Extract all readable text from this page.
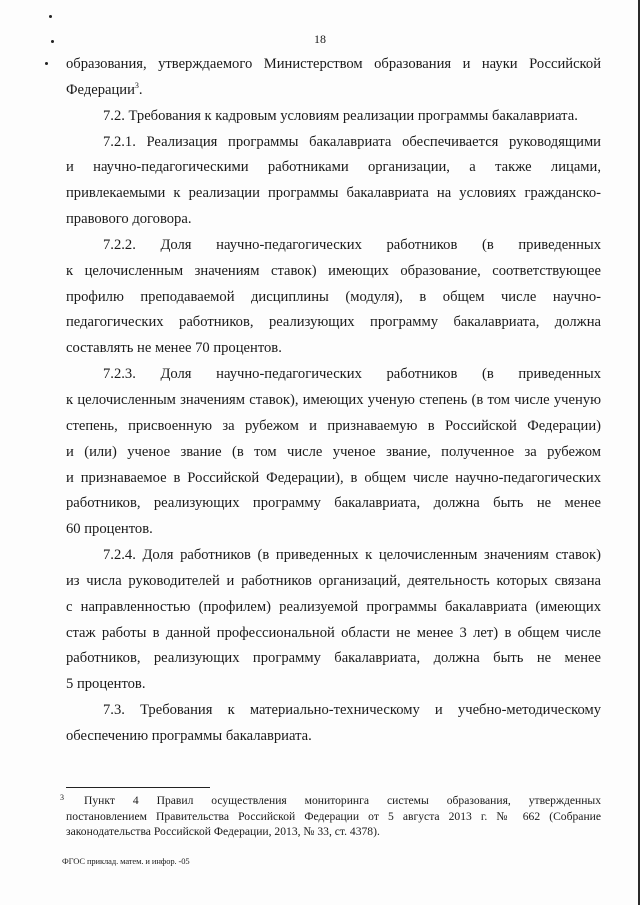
18

образования, утверждаемого Министерством образования и науки Российской

Федерации$^3$.

7.2. Требования к кадровым условиям реализации программы бакалавриата.

7.2.1. Реализация программы бакалавриата обеспечивается руководящими

и научно-педагогическими работниками организации, а также лицами,

привлекаемыми к реализации программы бакалавриата на условиях гражданско-

правового договора.

7.2.2. Доля научно-педагогических работников (в приведенных

к целочисленным значениям ставок) имеющих образование, соответствующее

профилю преподаваемой дисциплины (модуля), в общем числе научно-

педагогических работников, реализующих программу бакалавриата, должна

составлять не менее 70 процентов.

7.2.3. Доля научно-педагогических работников (в приведенных

к целочисленным значениям ставок), имеющих ученую степень (в том числе ученую

степень, присвоенную за рубежом и признаваемую в Российской Федерации)

и (или) ученое звание (в том числе ученое звание, полученное за рубежом

и признаваемое в Российской Федерации), в общем числе научно-педагогических

работников, реализующих программу бакалавриата, должна быть не менее

60 процентов.

7.2.4. Доля работников (в приведенных к целочисленным значениям ставок)

из числа руководителей и работников организаций, деятельность которых связана

с направленностью (профилем) реализуемой программы бакалавриата (имеющих

стаж работы в данной профессиональной области не менее 3 лет) в общем числе

работников, реализующих программу бакалавриата, должна быть не менее

5 процентов.

7.3. Требования к материально-техническому и учебно-методическому

обеспечению программы бакалавриата.

3	Пункт 4 Правил осуществления мониторинга системы образования, утвержденных

постановлением Правительства Российской Федерации от 5 августа 2013 г. № 662 (Собрание

законодательства Российской Федерации, 2013, № 33, ст. 4378).

ФГОС приклад. матем. и инфор. -05
